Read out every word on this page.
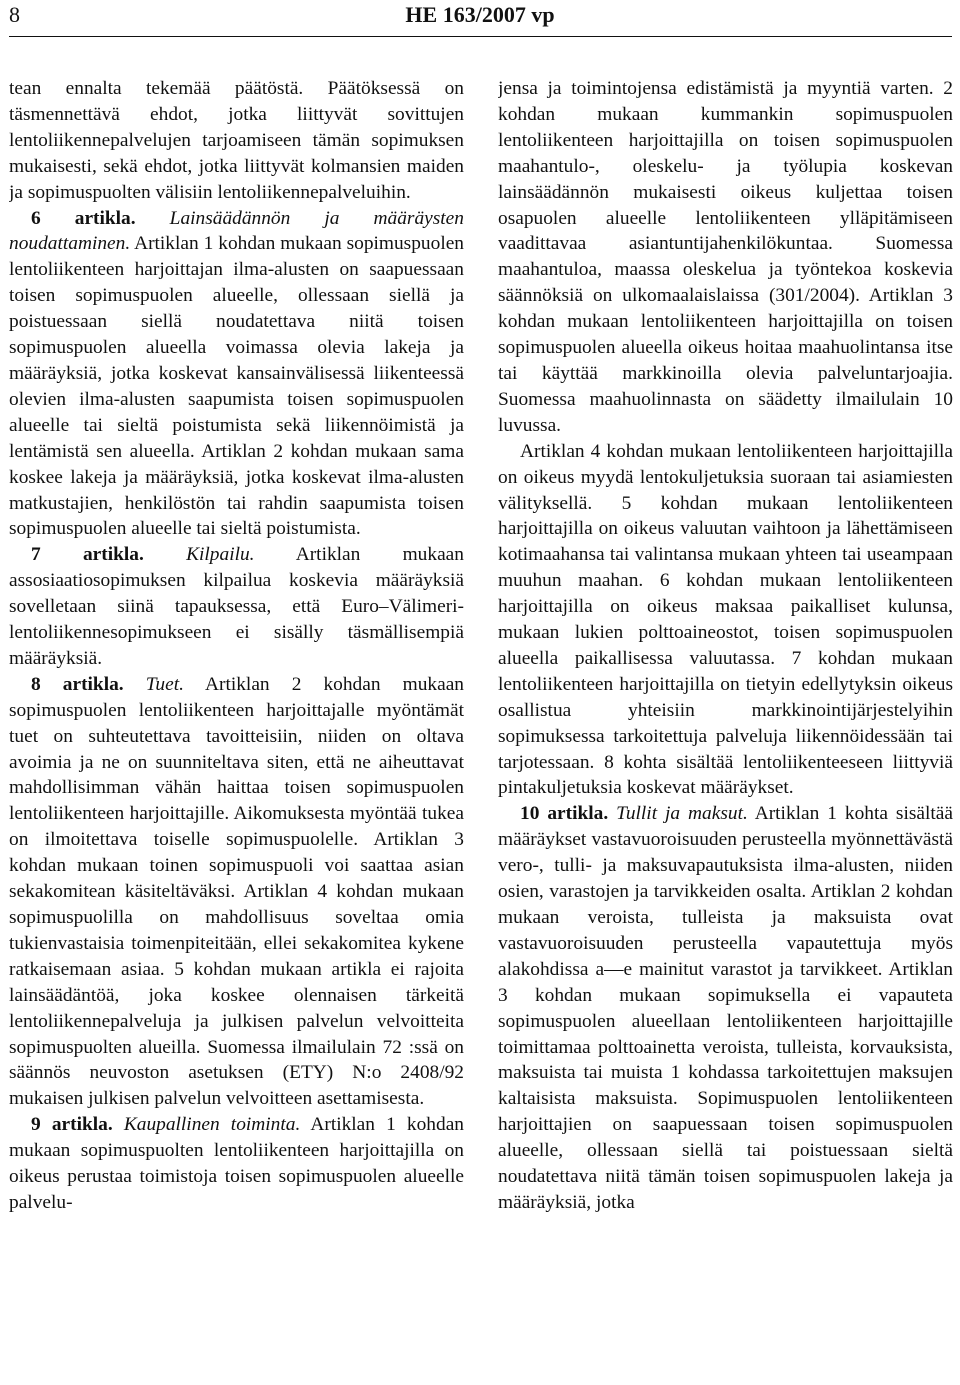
8	HE 163/2007 vp

tean ennalta tekemää päätöstä. Päätöksessä on täsmennettävä ehdot, jotka liittyvät sovittujen lentoliikennepalvelujen tarjoamiseen tämän sopimuksen mukaisesti, sekä ehdot, jotka liittyvät kolmansien maiden ja sopimuspuolten välisiin lentoliikennepalveluihin.

6 artikla. Lainsäädännön ja määräysten noudattaminen. Artiklan 1 kohdan mukaan sopimuspuolen lentoliikenteen harjoittajan ilma-alusten on saapuessaan toisen sopimuspuolen alueelle, ollessaan siellä ja poistuessaan siellä noudatettava niitä toisen sopimuspuolen alueella voimassa olevia lakeja ja määräyksiä, jotka koskevat kansainvälisessä liikenteessä olevien ilma-alusten saapumista toisen sopimuspuolen alueelle tai sieltä poistumista sekä liikennöimistä ja lentämistä sen alueella. Artiklan 2 kohdan mukaan sama koskee lakeja ja määräyksiä, jotka koskevat ilma-alusten matkustajien, henkilöstön tai rahdin saapumista toisen sopimuspuolen alueelle tai sieltä poistumista.

7 artikla. Kilpailu. Artiklan mukaan assosiaatiosopimuksen kilpailua koskevia määräyksiä sovelletaan siinä tapauksessa, että Euro–Välimeri-lentoliikennesopimukseen ei sisälly täsmällisempiä määräyksiä.

8 artikla. Tuet. Artiklan 2 kohdan mukaan sopimuspuolen lentoliikenteen harjoittajalle myöntämät tuet on suhteutettava tavoitteisiin, niiden on oltava avoimia ja ne on suunniteltava siten, että ne aiheuttavat mahdollisimman vähän haittaa toisen sopimuspuolen lentoliikenteen harjoittajille. Aikomuksesta myöntää tukea on ilmoitettava toiselle sopimuspuolelle. Artiklan 3 kohdan mukaan toinen sopimuspuoli voi saattaa asian sekakomitean käsiteltäväksi. Artiklan 4 kohdan mukaan sopimuspuolilla on mahdollisuus soveltaa omia tukienvastaisia toimenpiteitään, ellei sekakomitea kykene ratkaisemaan asiaa. 5 kohdan mukaan artikla ei rajoita lainsäädäntöä, joka koskee olennaisen tärkeitä lentoliikennepalveluja ja julkisen palvelun velvoitteita sopimuspuolten alueilla. Suomessa ilmailulain 72 :ssä on säännös neuvoston asetuksen (ETY) N:o 2408/92 mukaisen julkisen palvelun velvoitteen asettamisesta.

9 artikla. Kaupallinen toiminta. Artiklan 1 kohdan mukaan sopimuspuolten lentoliikenteen harjoittajilla on oikeus perustaa toimistoja toisen sopimuspuolen alueelle palvelu-

jensa ja toimintojensa edistämistä ja myyntiä varten. 2 kohdan mukaan kummankin sopimuspuolen lentoliikenteen harjoittajilla on toisen sopimuspuolen maahantulo-, oleskelu- ja työlupia koskevan lainsäädännön mukaisesti oikeus kuljettaa toisen osapuolen alueelle lentoliikenteen ylläpitämiseen vaadittavaa asiantuntijahenkilökuntaa. Suomessa maahantuloa, maassa oleskelua ja työntekoa koskevia säännöksiä on ulkomaalaislaissa (301/2004). Artiklan 3 kohdan mukaan lentoliikenteen harjoittajilla on toisen sopimuspuolen alueella oikeus hoitaa maahuolintansa itse tai käyttää markkinoilla olevia palveluntarjoajia. Suomessa maahuolinnasta on säädetty ilmailulain 10 luvussa.

Artiklan 4 kohdan mukaan lentoliikenteen harjoittajilla on oikeus myydä lentokuljetuksia suoraan tai asiamiesten välityksellä. 5 kohdan mukaan lentoliikenteen harjoittajilla on oikeus valuutan vaihtoon ja lähettämiseen kotimaahansa tai valintansa mukaan yhteen tai useampaan muuhun maahan. 6 kohdan mukaan lentoliikenteen harjoittajilla on oikeus maksaa paikalliset kulunsa, mukaan lukien polttoaineostot, toisen sopimuspuolen alueella paikallisessa valuutassa. 7 kohdan mukaan lentoliikenteen harjoittajilla on tietyin edellytyksin oikeus osallistua yhteisiin markkinointijärjestelyihin sopimuksessa tarkoitettuja palveluja liikennöidessään tai tarjotessaan. 8 kohta sisältää lentoliikenteeseen liittyviä pintakuljetuksia koskevat määräykset.

10 artikla. Tullit ja maksut. Artiklan 1 kohta sisältää määräykset vastavuoroisuuden perusteella myönnettävästä vero-, tulli- ja maksuvapautuksista ilma-alusten, niiden osien, varastojen ja tarvikkeiden osalta. Artiklan 2 kohdan mukaan veroista, tulleista ja maksuista ovat vastavuoroisuuden perusteella vapautettuja myös alakohdissa a—e mainitut varastot ja tarvikkeet. Artiklan 3 kohdan mukaan sopimuksella ei vapauteta sopimuspuolen alueellaan lentoliikenteen harjoittajille toimittamaa polttoainetta veroista, tulleista, korvauksista, maksuista tai muista 1 kohdassa tarkoitettujen maksujen kaltaisista maksuista. Sopimuspuolen lentoliikenteen harjoittajien on saapuessaan toisen sopimuspuolen alueelle, ollessaan siellä tai poistuessaan sieltä noudatettava niitä tämän toisen sopimuspuolen lakeja ja määräyksiä, jotka
